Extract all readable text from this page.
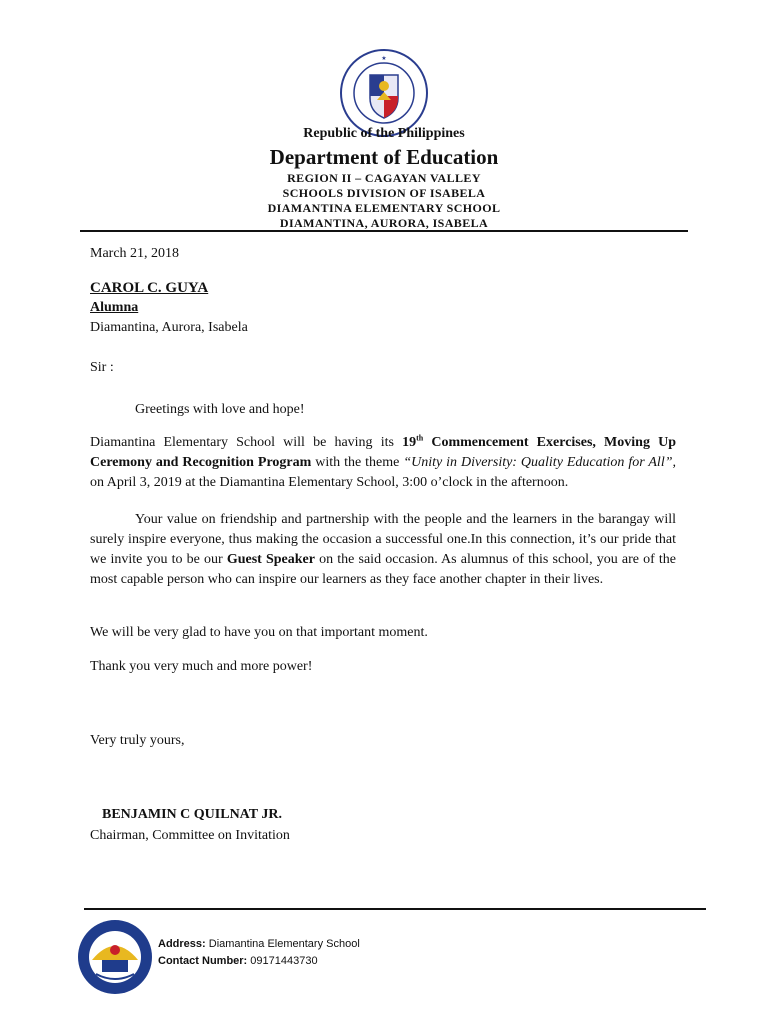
★
Republic of the Philippines
Department of Education
REGION II – CAGAYAN VALLEY
SCHOOLS DIVISION OF ISABELA
DIAMANTINA ELEMENTARY SCHOOL
DIAMANTINA, AURORA, ISABELA
March 21, 2018
CAROL C. GUYA
Alumna
Diamantina, Aurora, Isabela
Sir :
Greetings with love and hope!

Diamantina Elementary School will be having its 19th Commencement Exercises, Moving Up Ceremony and Recognition Program with the theme “Unity in Diversity: Quality Education for All”, on April 3, 2019 at the Diamantina Elementary School, 3:00 o’clock in the afternoon.

Your value on friendship and partnership with the people and the learners in the barangay will surely inspire everyone, thus making the occasion a successful one.In this connection, it’s our pride that we invite you to be our Guest Speaker on the said occasion. As alumnus of this school, you are of the most capable person who can inspire our learners as they face another chapter in their lives.

We will be very glad to have you on that important moment.
Thank you very much and more power!
Very truly yours,
BENJAMIN C QUILNAT JR.
Chairman, Committee on Invitation
Address: Diamantina Elementary School
Contact Number: 09171443730
